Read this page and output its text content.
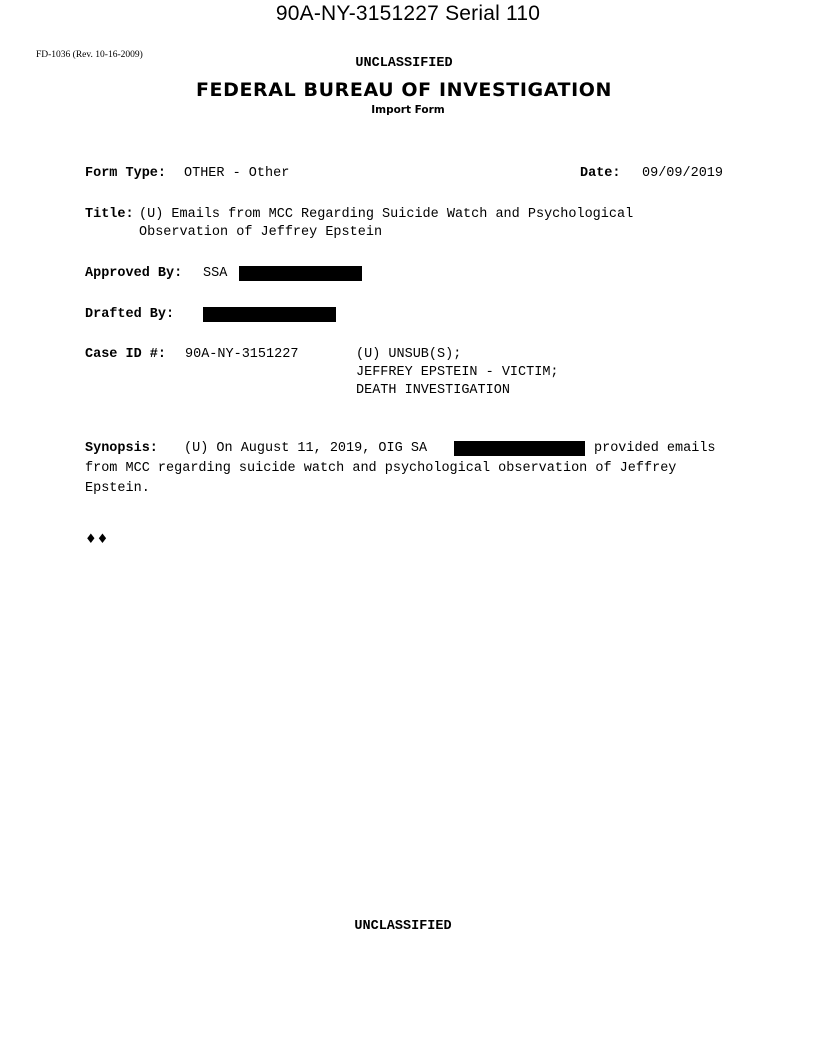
90A-NY-3151227 Serial 110
FD-1036 (Rev. 10-16-2009)
UNCLASSIFIED
FEDERAL BUREAU OF INVESTIGATION
Import Form
Form Type: OTHER - Other	Date: 09/09/2019
Title: (U) Emails from MCC Regarding Suicide Watch and Psychological
Observation of Jeffrey Epstein
Approved By: SSA
Drafted By:
Case ID #: 90A-NY-3151227	(U) UNSUB(S);
JEFFREY EPSTEIN - VICTIM;
DEATH INVESTIGATION
Synopsis: (U) On August 11, 2019, OIG SA	provided emails
from MCC regarding suicide watch and psychological observation of Jeffrey
Epstein.
♦♦
UNCLASSIFIED
